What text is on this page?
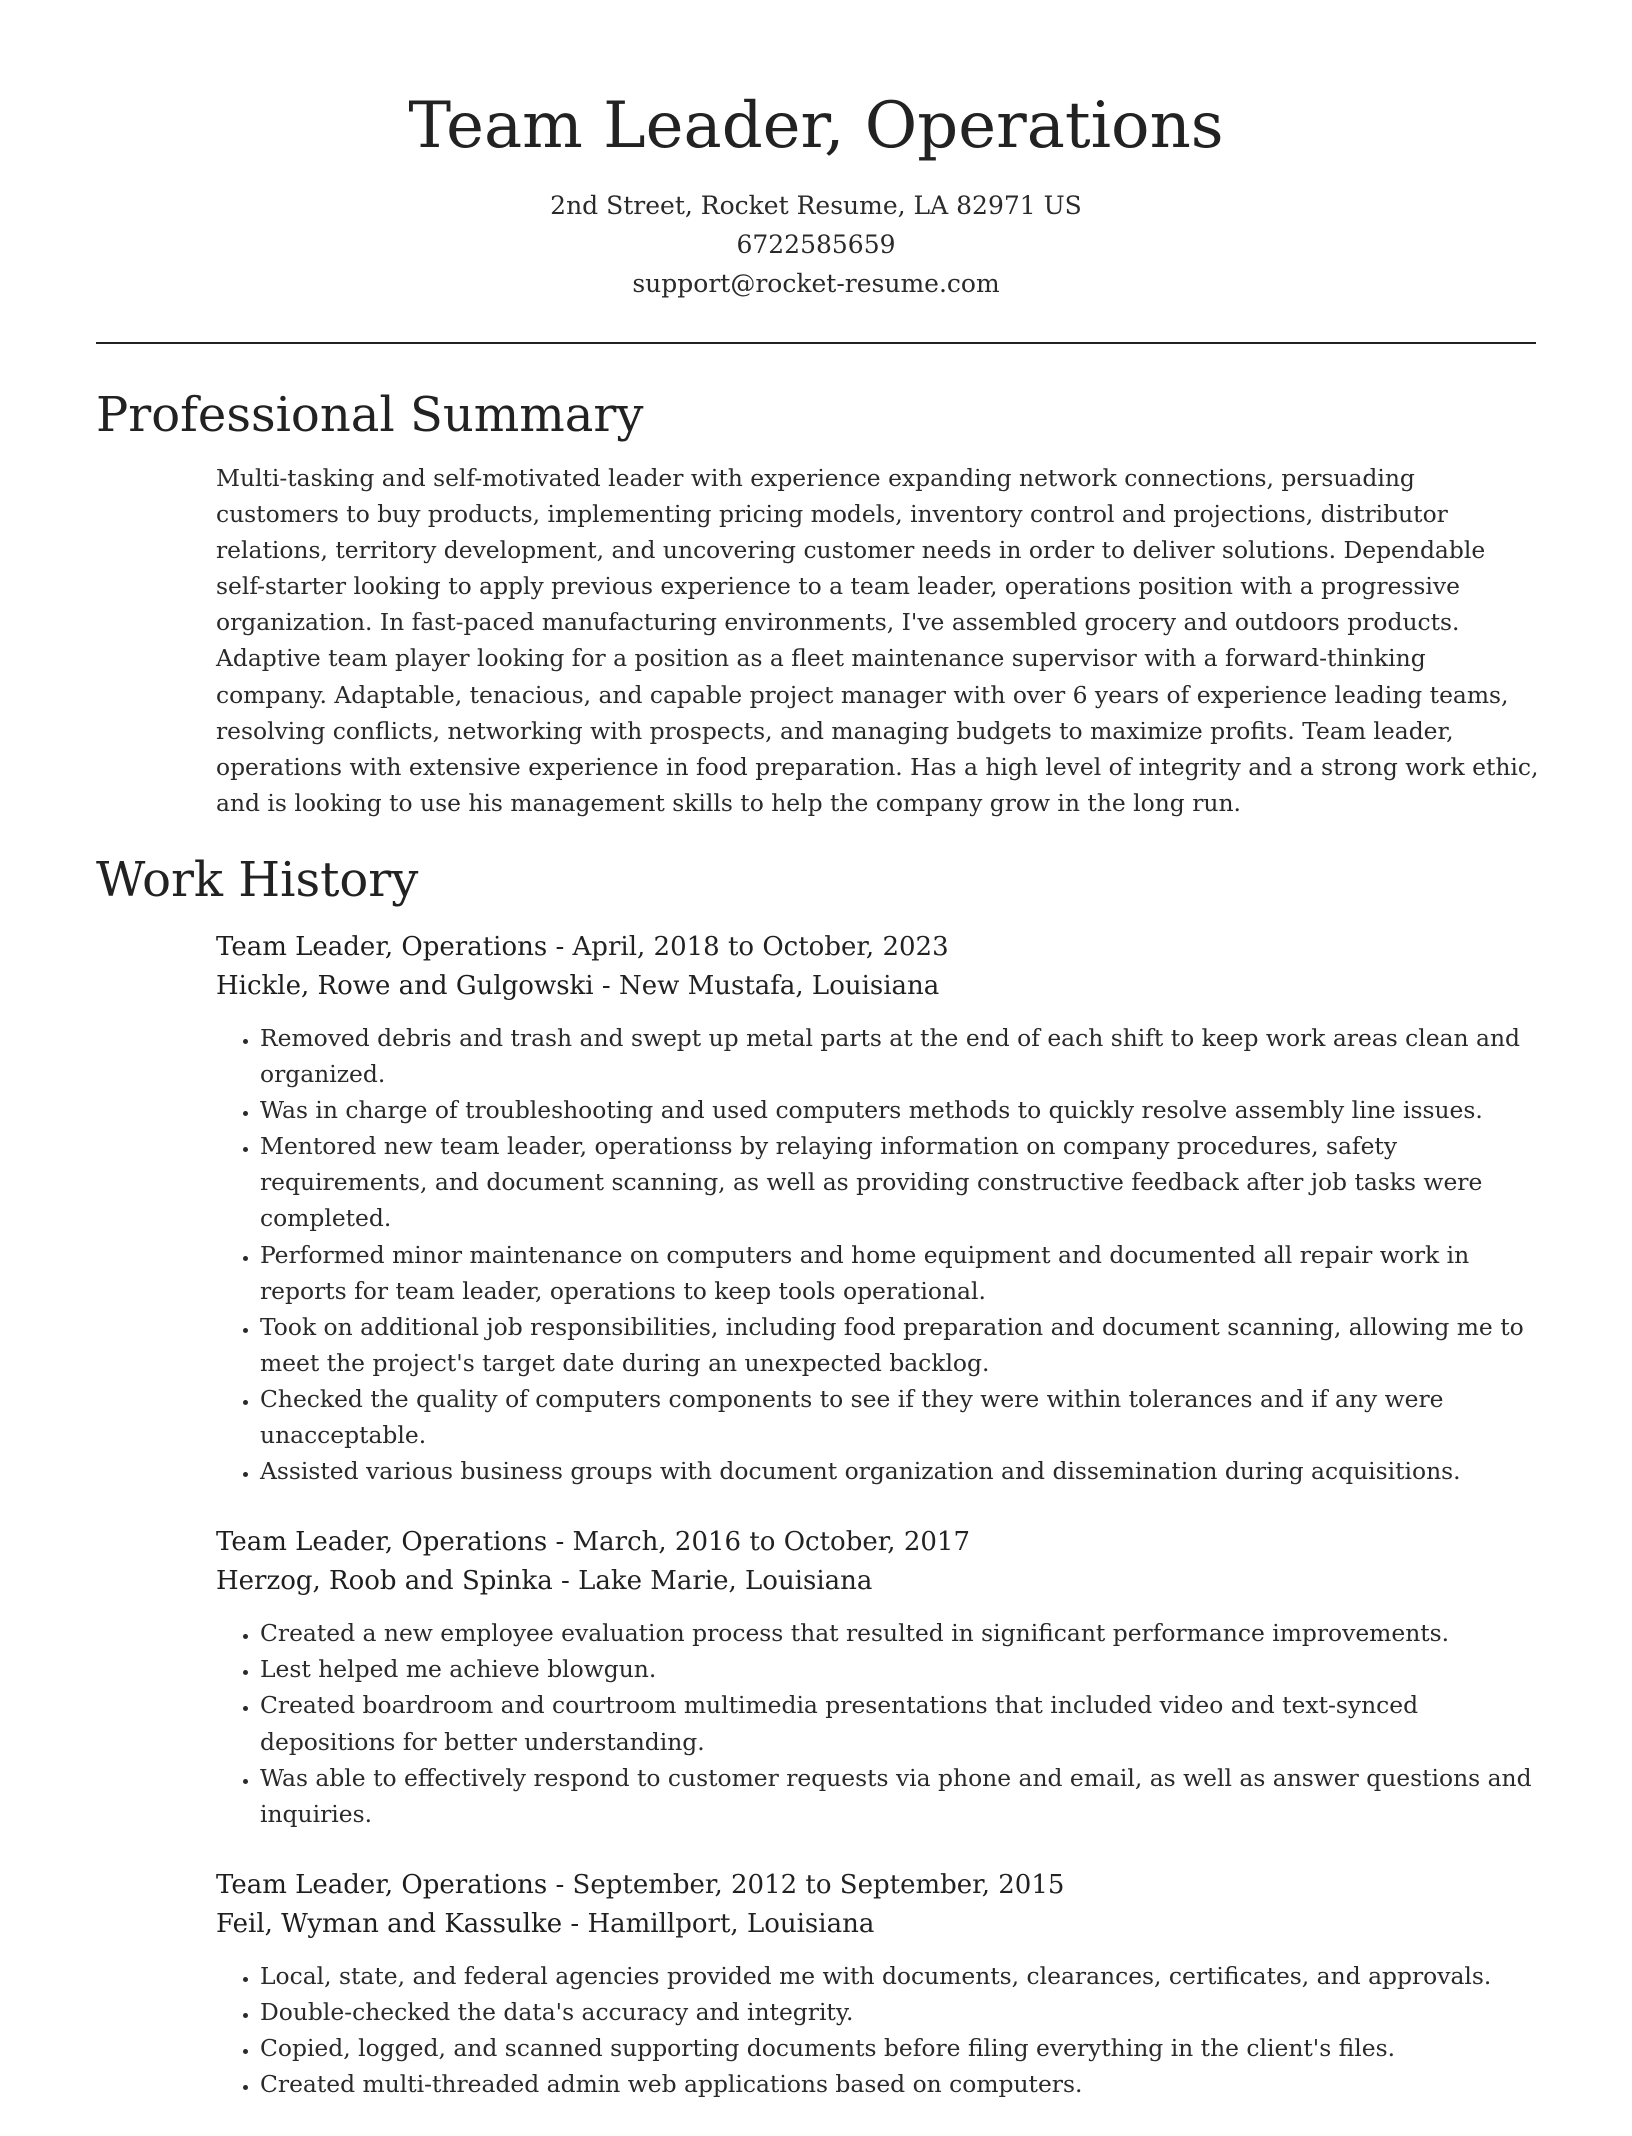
Team Leader, Operations
2nd Street, Rocket Resume, LA 82971 US
6722585659
support@rocket-resume.com
Professional Summary

Multi-tasking and self-motivated leader with experience expanding network connections, persuading customers to buy products, implementing pricing models, inventory control and projections, distributor relations, territory development, and uncovering customer needs in order to deliver solutions. Dependable self-starter looking to apply previous experience to a team leader, operations position with a progressive organization. In fast-paced manufacturing environments, I've assembled grocery and outdoors products. Adaptive team player looking for a position as a fleet maintenance supervisor with a forward-thinking company. Adaptable, tenacious, and capable project manager with over 6 years of experience leading teams, resolving conflicts, networking with prospects, and managing budgets to maximize profits. Team leader, operations with extensive experience in food preparation. Has a high level of integrity and a strong work ethic, and is looking to use his management skills to help the company grow in the long run.

Work History
Team Leader, Operations - April, 2018 to October, 2023
Hickle, Rowe and Gulgowski - New Mustafa, Louisiana
• Removed debris and trash and swept up metal parts at the end of each shift to keep work areas clean and organized.
• Was in charge of troubleshooting and used computers methods to quickly resolve assembly line issues.
• Mentored new team leader, operationss by relaying information on company procedures, safety requirements, and document scanning, as well as providing constructive feedback after job tasks were completed.
• Performed minor maintenance on computers and home equipment and documented all repair work in reports for team leader, operations to keep tools operational.
• Took on additional job responsibilities, including food preparation and document scanning, allowing me to meet the project's target date during an unexpected backlog.
• Checked the quality of computers components to see if they were within tolerances and if any were unacceptable.
• Assisted various business groups with document organization and dissemination during acquisitions.
Team Leader, Operations - March, 2016 to October, 2017
Herzog, Roob and Spinka - Lake Marie, Louisiana
• Created a new employee evaluation process that resulted in significant performance improvements.
• Lest helped me achieve blowgun.
• Created boardroom and courtroom multimedia presentations that included video and text-synced depositions for better understanding.
• Was able to effectively respond to customer requests via phone and email, as well as answer questions and inquiries.
Team Leader, Operations - September, 2012 to September, 2015
Feil, Wyman and Kassulke - Hamillport, Louisiana
• Local, state, and federal agencies provided me with documents, clearances, certificates, and approvals.
• Double-checked the data's accuracy and integrity.
• Copied, logged, and scanned supporting documents before filing everything in the client's files.
• Created multi-threaded admin web applications based on computers.
